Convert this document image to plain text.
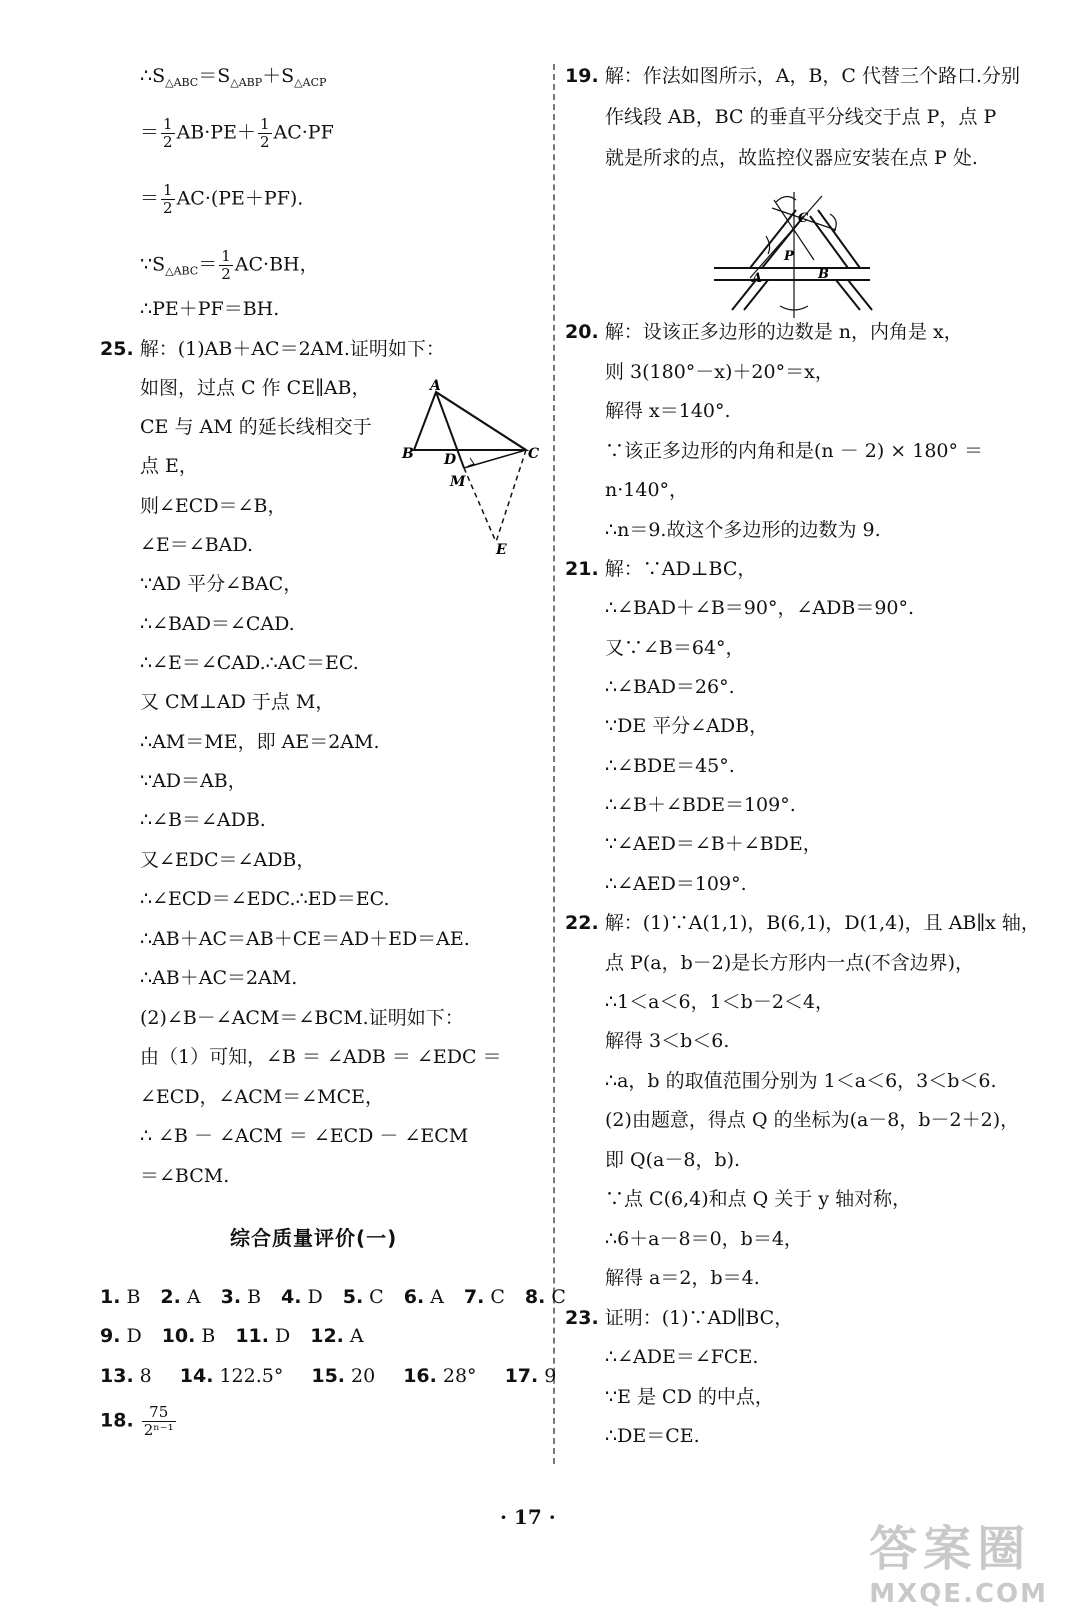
$\therefore S_{\triangle ABC}=S_{\triangle ABP}+S_{\triangle ACP}$
＝ $\frac{1}{2} AB\cdot PE+ \frac{1}{2} AC\cdot PF$
＝ $\frac{1}{2} AC\cdot(PE+PF)$.
$\because S_{\triangle ABC}= \frac{1}{2} AC\cdot BH$，
∴PE＋PF＝BH.
25. 解：(1)AB＋AC＝2AM.证明如下：
如图，过点 C 作 CE∥AB，
CE 与 AM 的延长线相交于
点 E，
则∠ECD＝∠B，
∠E＝∠BAD.
∵AD 平分∠BAC，
∴∠BAD＝∠CAD.
∴∠E＝∠CAD.∴AC＝EC.
又 CM⊥AD 于点 M，
∴AM＝ME，即 AE＝2AM.
∵AD＝AB，
∴∠B＝∠ADB.
又∠EDC＝∠ADB，
∴∠ECD＝∠EDC.∴ED＝EC.
∴AB＋AC＝AB＋CE＝AD＋ED＝AE.
∴AB＋AC＝2AM.
(2)∠B－∠ACM＝∠BCM.证明如下：
由（1）可知，∠B ＝ ∠ADB ＝ ∠EDC ＝
∠ECD，∠ACM＝∠MCE，
∴ ∠B － ∠ACM ＝ ∠ECD － ∠ECM
＝∠BCM.
A
B	C
D
M
E
综合质量评价(一)
1. B 2. A 3. B 4. D 5. C 6. A 7. C 8. C
9. D 10. B 11. D 12. A
13. 8 14. 122.5° 15. 20 16. 28° 17. 9
18. $\frac{75}{\text{2ⁿ⁻¹}}$
19. 解：作法如图所示，A，B，C 代替三个路口.分别
作线段 AB，BC 的垂直平分线交于点 P，点 P
就是所求的点，故监控仪器应安装在点 P 处.
20. 解：设该正多边形的边数是 n，内角是 x，
则 3(180°－x)＋20°＝x，
解得 x＝140°.
∵该正多边形的内角和是(n － 2) × 180° ＝
n·140°，
∴n＝9.故这个多边形的边数为 9.
21. 解：∵AD⊥BC，
∴∠BAD＋∠B＝90°，∠ADB＝90°.
又∵∠B＝64°，
∴∠BAD＝26°.
∵DE 平分∠ADB，
∴∠BDE＝45°.
∴∠B＋∠BDE＝109°.
∵∠AED＝∠B＋∠BDE，
∴∠AED＝109°.
22. 解：(1)∵A(1,1)，B(6,1)，D(1,4)，且 AB∥x 轴，
点 P(a，b－2)是长方形内一点(不含边界)，
∴1＜a＜6，1＜b－2＜4，
解得 3＜b＜6.
∴a，b 的取值范围分别为 1＜a＜6，3＜b＜6.
(2)由题意，得点 Q 的坐标为(a－8，b－2＋2)，
即 Q(a－8，b).
∵点 C(6,4)和点 Q 关于 y 轴对称，
∴6＋a－8＝0，b＝4，
解得 a＝2，b＝4.
23. 证明：(1)∵AD∥BC，
∴∠ADE＝∠FCE.
∵E 是 CD 的中点，
∴DE＝CE.
A	B
C
P
· 17 ·
答案圈
MXQE.COM
